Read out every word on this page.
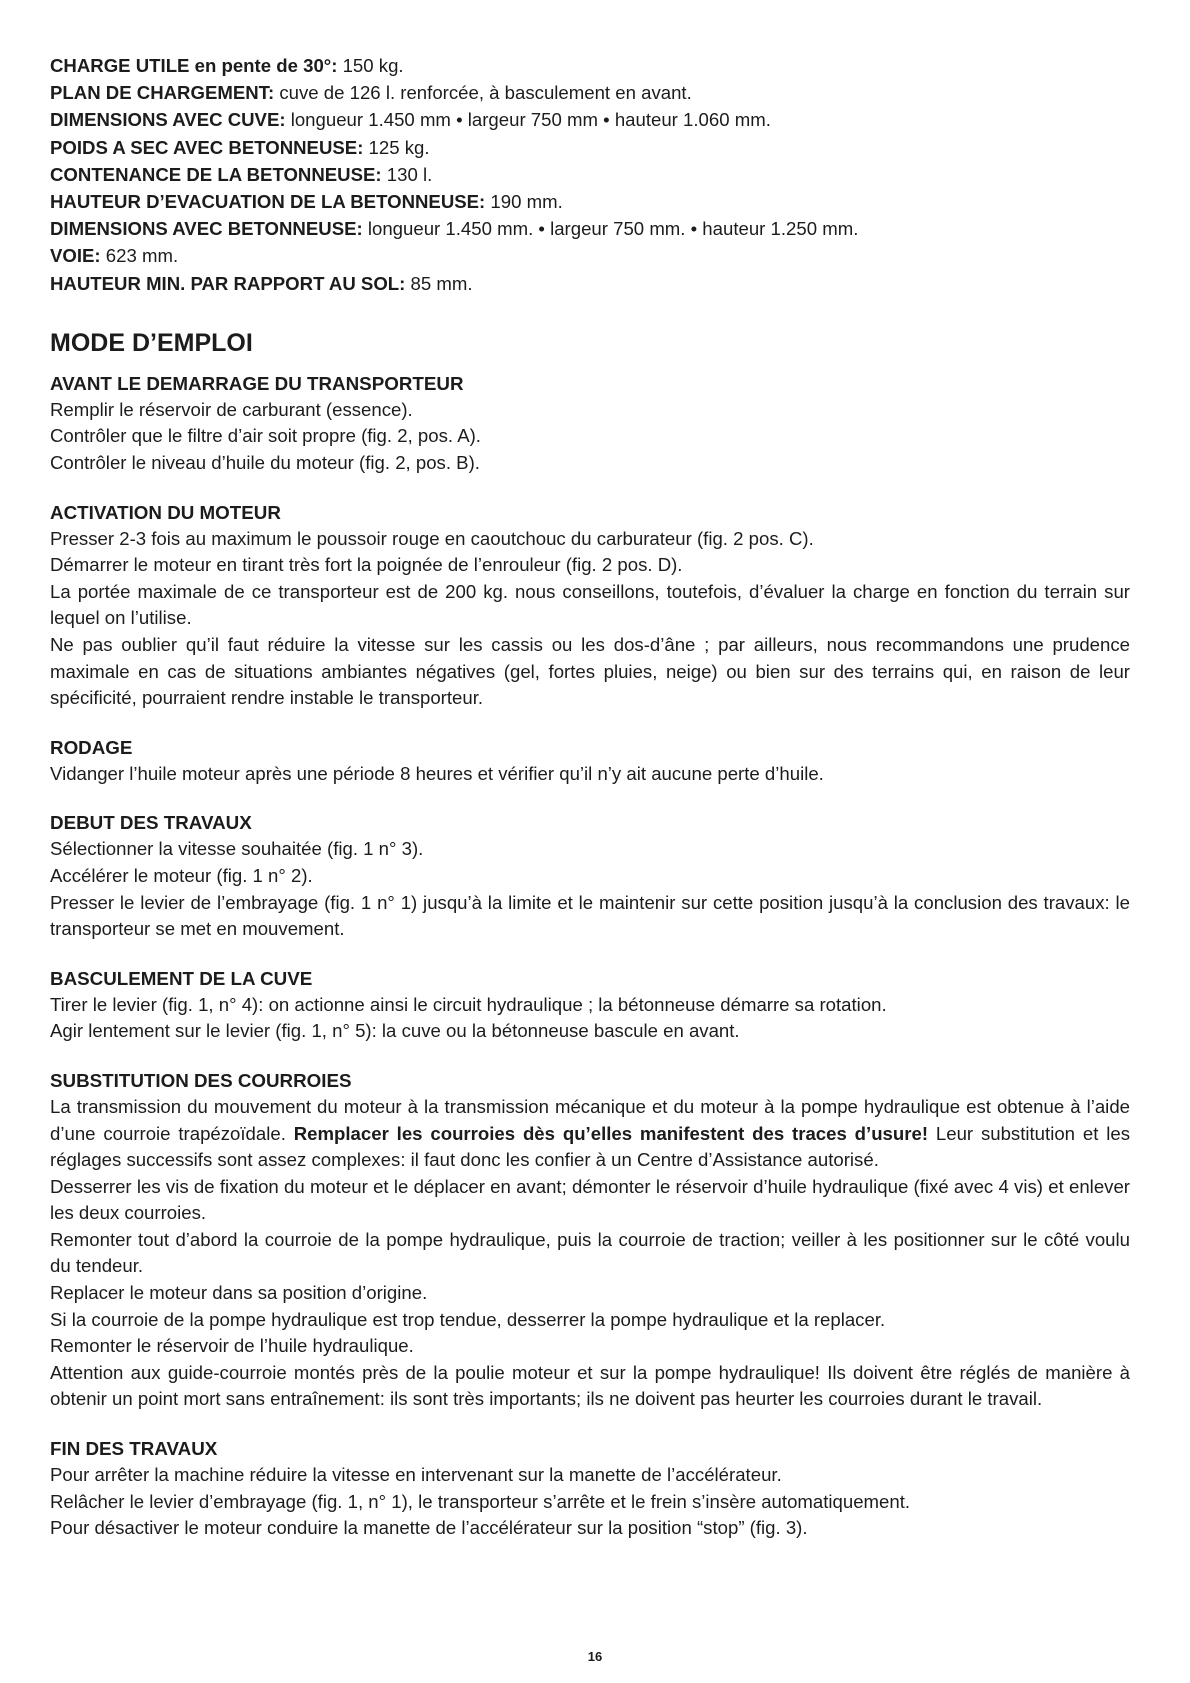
CHARGE UTILE en pente de 30°: 150 kg.
PLAN DE CHARGEMENT: cuve de 126 l. renforcée, à basculement en avant.
DIMENSIONS AVEC CUVE: longueur 1.450 mm • largeur 750 mm • hauteur 1.060 mm.
POIDS A SEC AVEC BETONNEUSE: 125 kg.
CONTENANCE DE LA BETONNEUSE: 130 l.
HAUTEUR D’EVACUATION DE LA BETONNEUSE: 190 mm.
DIMENSIONS AVEC BETONNEUSE: longueur 1.450 mm. • largeur 750 mm. • hauteur 1.250 mm.
VOIE: 623 mm.
HAUTEUR MIN. PAR RAPPORT AU SOL: 85 mm.
MODE D’EMPLOI
AVANT LE DEMARRAGE DU TRANSPORTEUR

Remplir le réservoir de carburant (essence).

Contrôler que le filtre d’air soit propre (fig. 2, pos. A).

Contrôler le niveau d’huile du moteur (fig. 2, pos. B).

ACTIVATION DU MOTEUR

Presser 2-3 fois au maximum le poussoir rouge en caoutchouc du carburateur (fig. 2 pos. C).

Démarrer le moteur en tirant très fort la poignée de l’enrouleur (fig. 2 pos. D).

La portée maximale de ce transporteur est de 200 kg. nous conseillons, toutefois, d’évaluer la charge en fonction du terrain sur lequel on l’utilise.

Ne pas oublier qu’il faut réduire la vitesse sur les cassis ou les dos-d’âne ; par ailleurs, nous recommandons une prudence maximale en cas de situations ambiantes négatives (gel, fortes pluies, neige) ou bien sur des terrains qui, en raison de leur spécificité, pourraient rendre instable le transporteur.

RODAGE

Vidanger l’huile moteur après une période 8 heures et vérifier qu’il n’y ait aucune perte d’huile.

DEBUT DES TRAVAUX

Sélectionner la vitesse souhaitée (fig. 1 n° 3).

Accélérer le moteur (fig. 1 n° 2).

Presser le levier de l’embrayage (fig. 1 n° 1) jusqu’à la limite et le maintenir sur cette position jusqu’à la conclusion des travaux: le transporteur se met en mouvement.

BASCULEMENT DE LA CUVE

Tirer le levier (fig. 1, n° 4): on actionne ainsi le circuit hydraulique ; la bétonneuse démarre sa rotation.

Agir lentement sur le levier (fig. 1, n° 5): la cuve ou la bétonneuse bascule en avant.

SUBSTITUTION DES COURROIES

La transmission du mouvement du moteur à la transmission mécanique et du moteur à la pompe hydraulique est obtenue à l’aide d’une courroie trapézoïdale. Remplacer les courroies dès qu’elles manifestent des traces d’usure! Leur substitution et les réglages successifs sont assez complexes: il faut donc les confier à un Centre d’Assistance autorisé.

Desserrer les vis de fixation du moteur et le déplacer en avant; démonter le réservoir d’huile hydraulique (fixé avec 4 vis) et enlever les deux courroies.

Remonter tout d’abord la courroie de la pompe hydraulique, puis la courroie de traction; veiller à les positionner sur le côté voulu du tendeur.

Replacer le moteur dans sa position d’origine.

Si la courroie de la pompe hydraulique est trop tendue, desserrer la pompe hydraulique et la replacer.

Remonter le réservoir de l’huile hydraulique.

Attention aux guide-courroie montés près de la poulie moteur et sur la pompe hydraulique! Ils doivent être réglés de manière à obtenir un point mort sans entraînement: ils sont très importants; ils ne doivent pas heurter les courroies durant le travail.

FIN DES TRAVAUX

Pour arrêter la machine réduire la vitesse en intervenant sur la manette de l’accélérateur.

Relâcher le levier d’embrayage (fig. 1, n° 1), le transporteur s’arrête et le frein s’insère automatiquement.

Pour désactiver le moteur conduire la manette de l’accélérateur sur la position “stop” (fig. 3).

16
